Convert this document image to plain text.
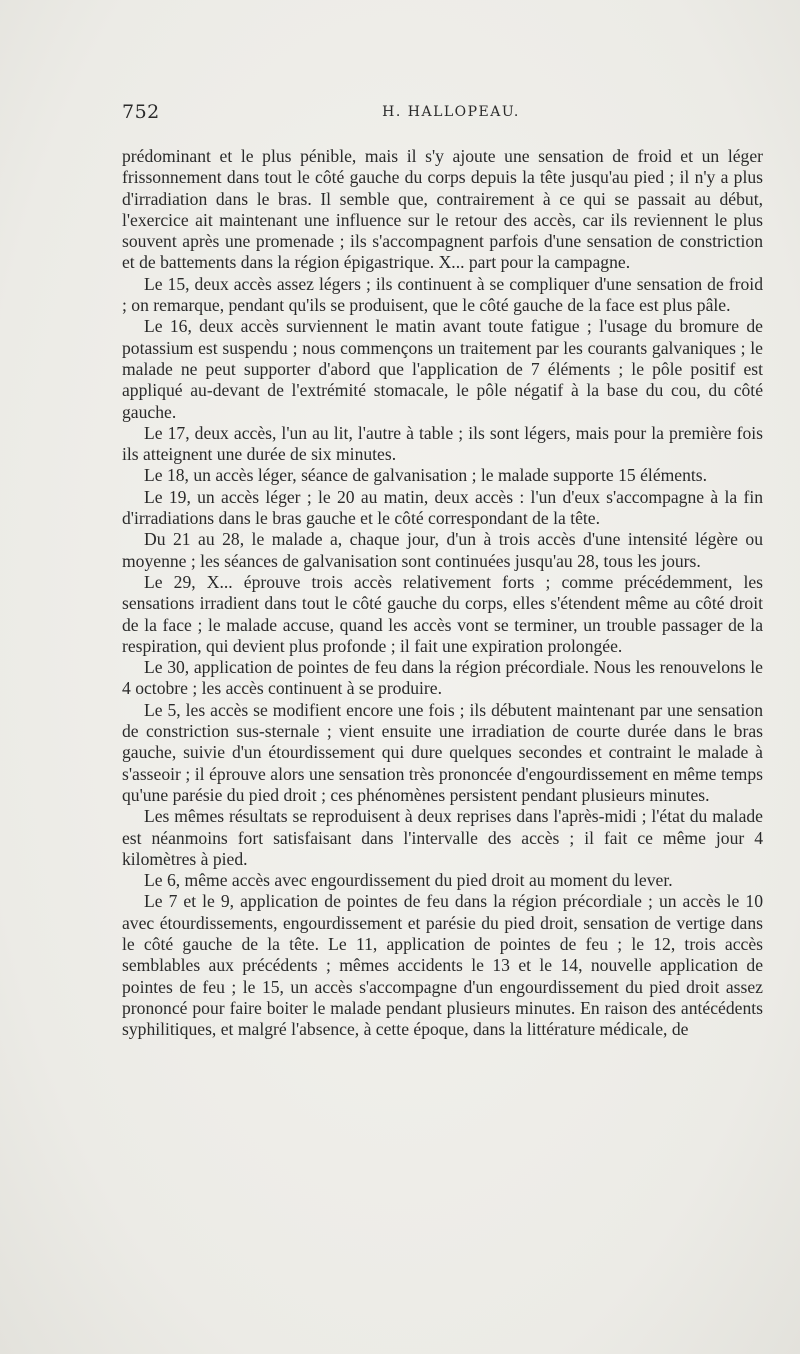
752	H. HALLOPEAU.

prédominant et le plus pénible, mais il s'y ajoute une sensation de froid et un léger frissonnement dans tout le côté gauche du corps depuis la tête jusqu'au pied ; il n'y a plus d'irradiation dans le bras. Il semble que, contrairement à ce qui se passait au début, l'exercice ait maintenant une influence sur le retour des accès, car ils reviennent le plus souvent après une promenade ; ils s'accompagnent parfois d'une sensation de constriction et de battements dans la région épigastrique. X... part pour la campagne.

Le 15, deux accès assez légers ; ils continuent à se compliquer d'une sensation de froid ; on remarque, pendant qu'ils se produisent, que le côté gauche de la face est plus pâle.

Le 16, deux accès surviennent le matin avant toute fatigue ; l'usage du bromure de potassium est suspendu ; nous commençons un traitement par les courants galvaniques ; le malade ne peut supporter d'abord que l'application de 7 éléments ; le pôle positif est appliqué au-devant de l'extrémité stomacale, le pôle négatif à la base du cou, du côté gauche.

Le 17, deux accès, l'un au lit, l'autre à table ; ils sont légers, mais pour la première fois ils atteignent une durée de six minutes.

Le 18, un accès léger, séance de galvanisation ; le malade supporte 15 éléments.

Le 19, un accès léger ; le 20 au matin, deux accès : l'un d'eux s'accompagne à la fin d'irradiations dans le bras gauche et le côté correspondant de la tête.

Du 21 au 28, le malade a, chaque jour, d'un à trois accès d'une intensité légère ou moyenne ; les séances de galvanisation sont continuées jusqu'au 28, tous les jours.

Le 29, X... éprouve trois accès relativement forts ; comme précédemment, les sensations irradient dans tout le côté gauche du corps, elles s'étendent même au côté droit de la face ; le malade accuse, quand les accès vont se terminer, un trouble passager de la respiration, qui devient plus profonde ; il fait une expiration prolongée.

Le 30, application de pointes de feu dans la région précordiale. Nous les renouvelons le 4 octobre ; les accès continuent à se produire.

Le 5, les accès se modifient encore une fois ; ils débutent maintenant par une sensation de constriction sus-sternale ; vient ensuite une irradiation de courte durée dans le bras gauche, suivie d'un étourdissement qui dure quelques secondes et contraint le malade à s'asseoir ; il éprouve alors une sensation très prononcée d'engourdissement en même temps qu'une parésie du pied droit ; ces phénomènes persistent pendant plusieurs minutes.

Les mêmes résultats se reproduisent à deux reprises dans l'après-midi ; l'état du malade est néanmoins fort satisfaisant dans l'intervalle des accès ; il fait ce même jour 4 kilomètres à pied.

Le 6, même accès avec engourdissement du pied droit au moment du lever.

Le 7 et le 9, application de pointes de feu dans la région précordiale ; un accès le 10 avec étourdissements, engourdissement et parésie du pied droit, sensation de vertige dans le côté gauche de la tête. Le 11, application de pointes de feu ; le 12, trois accès semblables aux précédents ; mêmes accidents le 13 et le 14, nouvelle application de pointes de feu ; le 15, un accès s'accompagne d'un engourdissement du pied droit assez prononcé pour faire boiter le malade pendant plusieurs minutes. En raison des antécédents syphilitiques, et malgré l'absence, à cette époque, dans la littérature médicale, de
